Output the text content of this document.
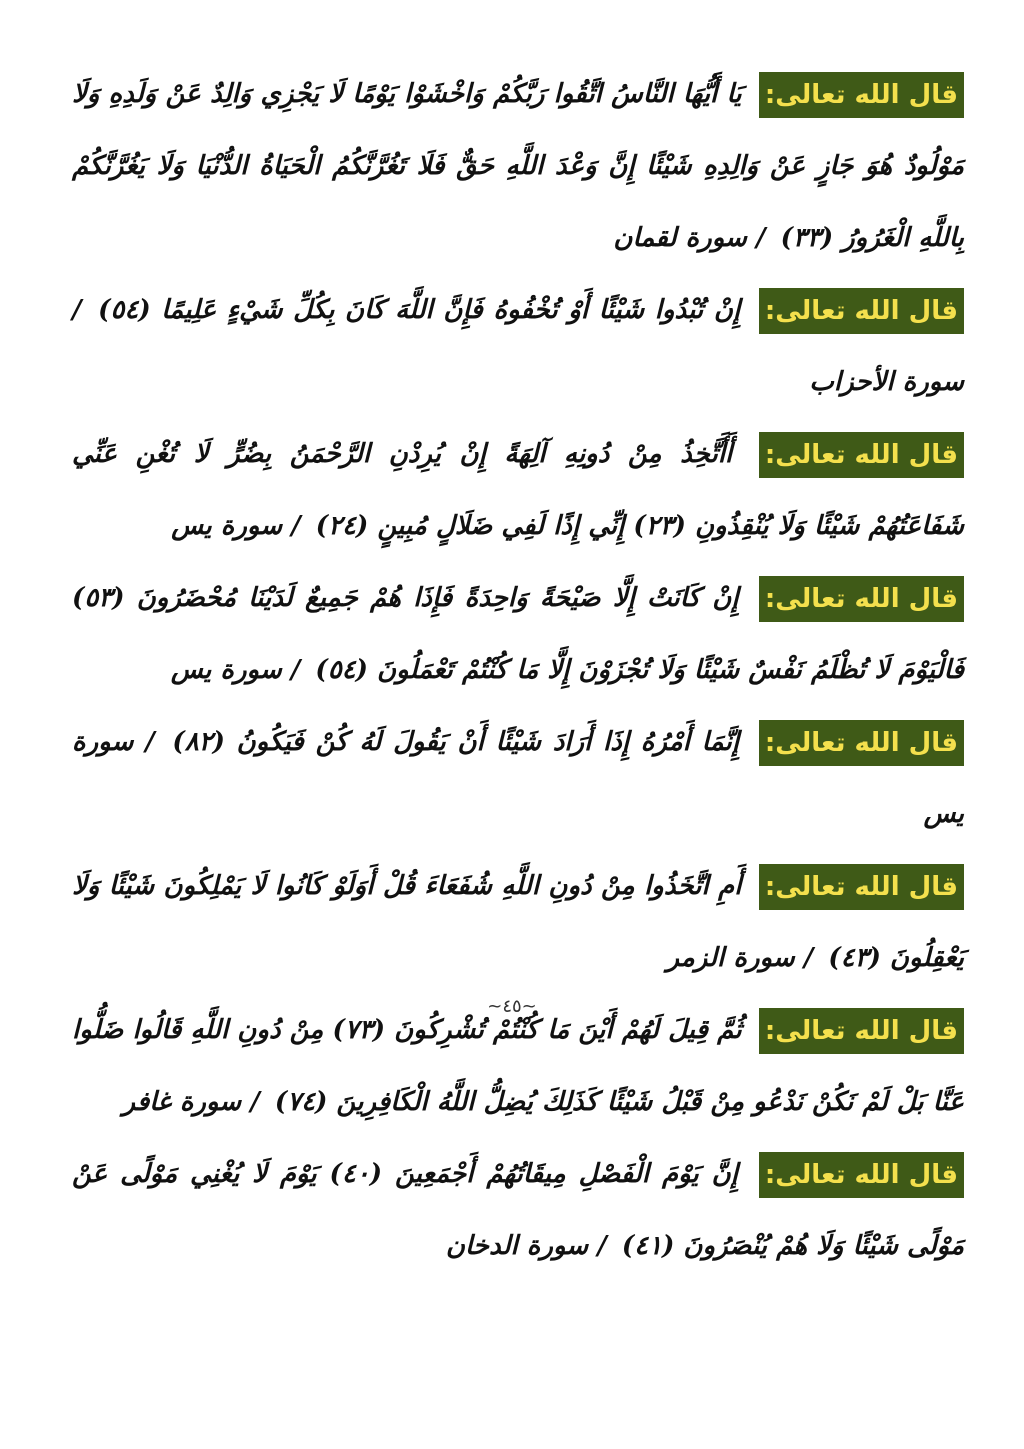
قال الله تعالى: يَا أَيُّهَا النَّاسُ اتَّقُوا رَبَّكُمْ وَاخْشَوْا يَوْمًا لَا يَجْزِي وَالِدٌ عَنْ وَلَدِهِ وَلَا مَوْلُودٌ هُوَ جَازٍ عَنْ وَالِدِهِ شَيْئًا إِنَّ وَعْدَ اللَّهِ حَقٌّ فَلَا تَغُرَّنَّكُمُ الْحَيَاةُ الدُّنْيَا وَلَا يَغُرَّنَّكُمْ بِاللَّهِ الْغَرُورُ (٣٣) / سورة لقمان

قال الله تعالى: إِنْ تُبْدُوا شَيْئًا أَوْ تُخْفُوهُ فَإِنَّ اللَّهَ كَانَ بِكُلِّ شَيْءٍ عَلِيمًا (٥٤) / سورة الأحزاب

قال الله تعالى: أَأَتَّخِذُ مِنْ دُونِهِ آلِهَةً إِنْ يُرِدْنِ الرَّحْمَنُ بِضُرٍّ لَا تُغْنِ عَنِّي شَفَاعَتُهُمْ شَيْئًا وَلَا يُنْقِذُونِ (٢٣) إِنِّي إِذًا لَفِي ضَلَالٍ مُبِينٍ (٢٤) / سورة يس

قال الله تعالى: إِنْ كَانَتْ إِلَّا صَيْحَةً وَاحِدَةً فَإِذَا هُمْ جَمِيعٌ لَدَيْنَا مُحْضَرُونَ (٥٣) فَالْيَوْمَ لَا تُظْلَمُ نَفْسٌ شَيْئًا وَلَا تُجْزَوْنَ إِلَّا مَا كُنْتُمْ تَعْمَلُونَ (٥٤) / سورة يس

قال الله تعالى: إِنَّمَا أَمْرُهُ إِذَا أَرَادَ شَيْئًا أَنْ يَقُولَ لَهُ كُنْ فَيَكُونُ (٨٢) / سورة يس

قال الله تعالى: أَمِ اتَّخَذُوا مِنْ دُونِ اللَّهِ شُفَعَاءَ قُلْ أَوَلَوْ كَانُوا لَا يَمْلِكُونَ شَيْئًا وَلَا يَعْقِلُونَ (٤٣) / سورة الزمر

قال الله تعالى: ثُمَّ قِيلَ لَهُمْ أَيْنَ مَا كُنْتُمْ تُشْرِكُونَ (٧٣) مِنْ دُونِ اللَّهِ قَالُوا ضَلُّوا عَنَّا بَلْ لَمْ نَكُنْ نَدْعُو مِنْ قَبْلُ شَيْئًا كَذَلِكَ يُضِلُّ اللَّهُ الْكَافِرِينَ (٧٤) / سورة غافر

قال الله تعالى: إِنَّ يَوْمَ الْفَصْلِ مِيقَاتُهُمْ أَجْمَعِينَ (٤٠) يَوْمَ لَا يُغْنِي مَوْلًى عَنْ مَوْلًى شَيْئًا وَلَا هُمْ يُنْصَرُونَ (٤١) / سورة الدخان

~٤٥~
